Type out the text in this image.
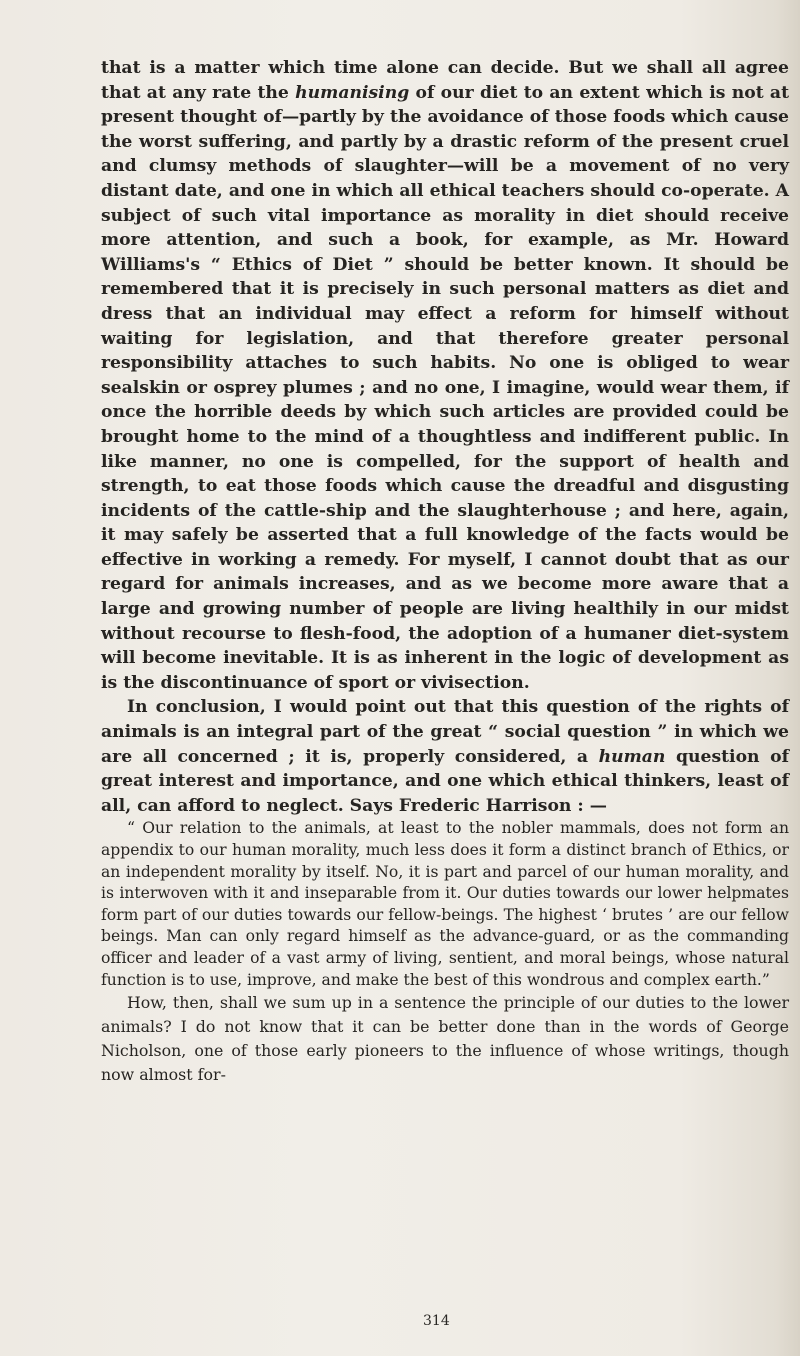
that is a matter which time alone can decide. But we shall all agree that at any rate the humanising of our diet to an extent which is not at present thought of—partly by the avoidance of those foods which cause the worst suffering, and partly by a drastic reform of the present cruel and clumsy methods of slaughter—will be a movement of no very distant date, and one in which all ethical teachers should co-operate. A subject of such vital importance as morality in diet should receive more attention, and such a book, for example, as Mr. Howard Williams's “ Ethics of Diet ” should be better known. It should be remembered that it is precisely in such personal matters as diet and dress that an individual may effect a reform for himself without waiting for legislation, and that therefore greater personal responsibility attaches to such habits. No one is obliged to wear sealskin or osprey plumes ; and no one, I imagine, would wear them, if once the horrible deeds by which such articles are provided could be brought home to the mind of a thoughtless and indifferent public. In like manner, no one is compelled, for the support of health and strength, to eat those foods which cause the dreadful and disgusting incidents of the cattle-ship and the slaughterhouse ; and here, again, it may safely be asserted that a full knowledge of the facts would be effective in working a remedy. For myself, I cannot doubt that as our regard for animals increases, and as we become more aware that a large and growing number of people are living healthily in our midst without recourse to flesh-food, the adoption of a humaner diet-system will become inevitable. It is as inherent in the logic of development as is the discontinuance of sport or vivisection.

In conclusion, I would point out that this question of the rights of animals is an integral part of the great “ social question ” in which we are all concerned ; it is, properly considered, a human question of great interest and importance, and one which ethical thinkers, least of all, can afford to neglect. Says Frederic Harrison : —

“ Our relation to the animals, at least to the nobler mammals, does not form an appendix to our human morality, much less does it form a distinct branch of Ethics, or an independent morality by itself. No, it is part and parcel of our human morality, and is interwoven with it and inseparable from it. Our duties towards our lower helpmates form part of our duties towards our fellow-beings. The highest ‘ brutes ’ are our fellow beings. Man can only regard himself as the advance-guard, or as the commanding officer and leader of a vast army of living, sentient, and moral beings, whose natural function is to use, improve, and make the best of this wondrous and complex earth.”

How, then, shall we sum up in a sentence the principle of our duties to the lower animals? I do not know that it can be better done than in the words of George Nicholson, one of those early pioneers to the influence of whose writings, though now almost for-

314
